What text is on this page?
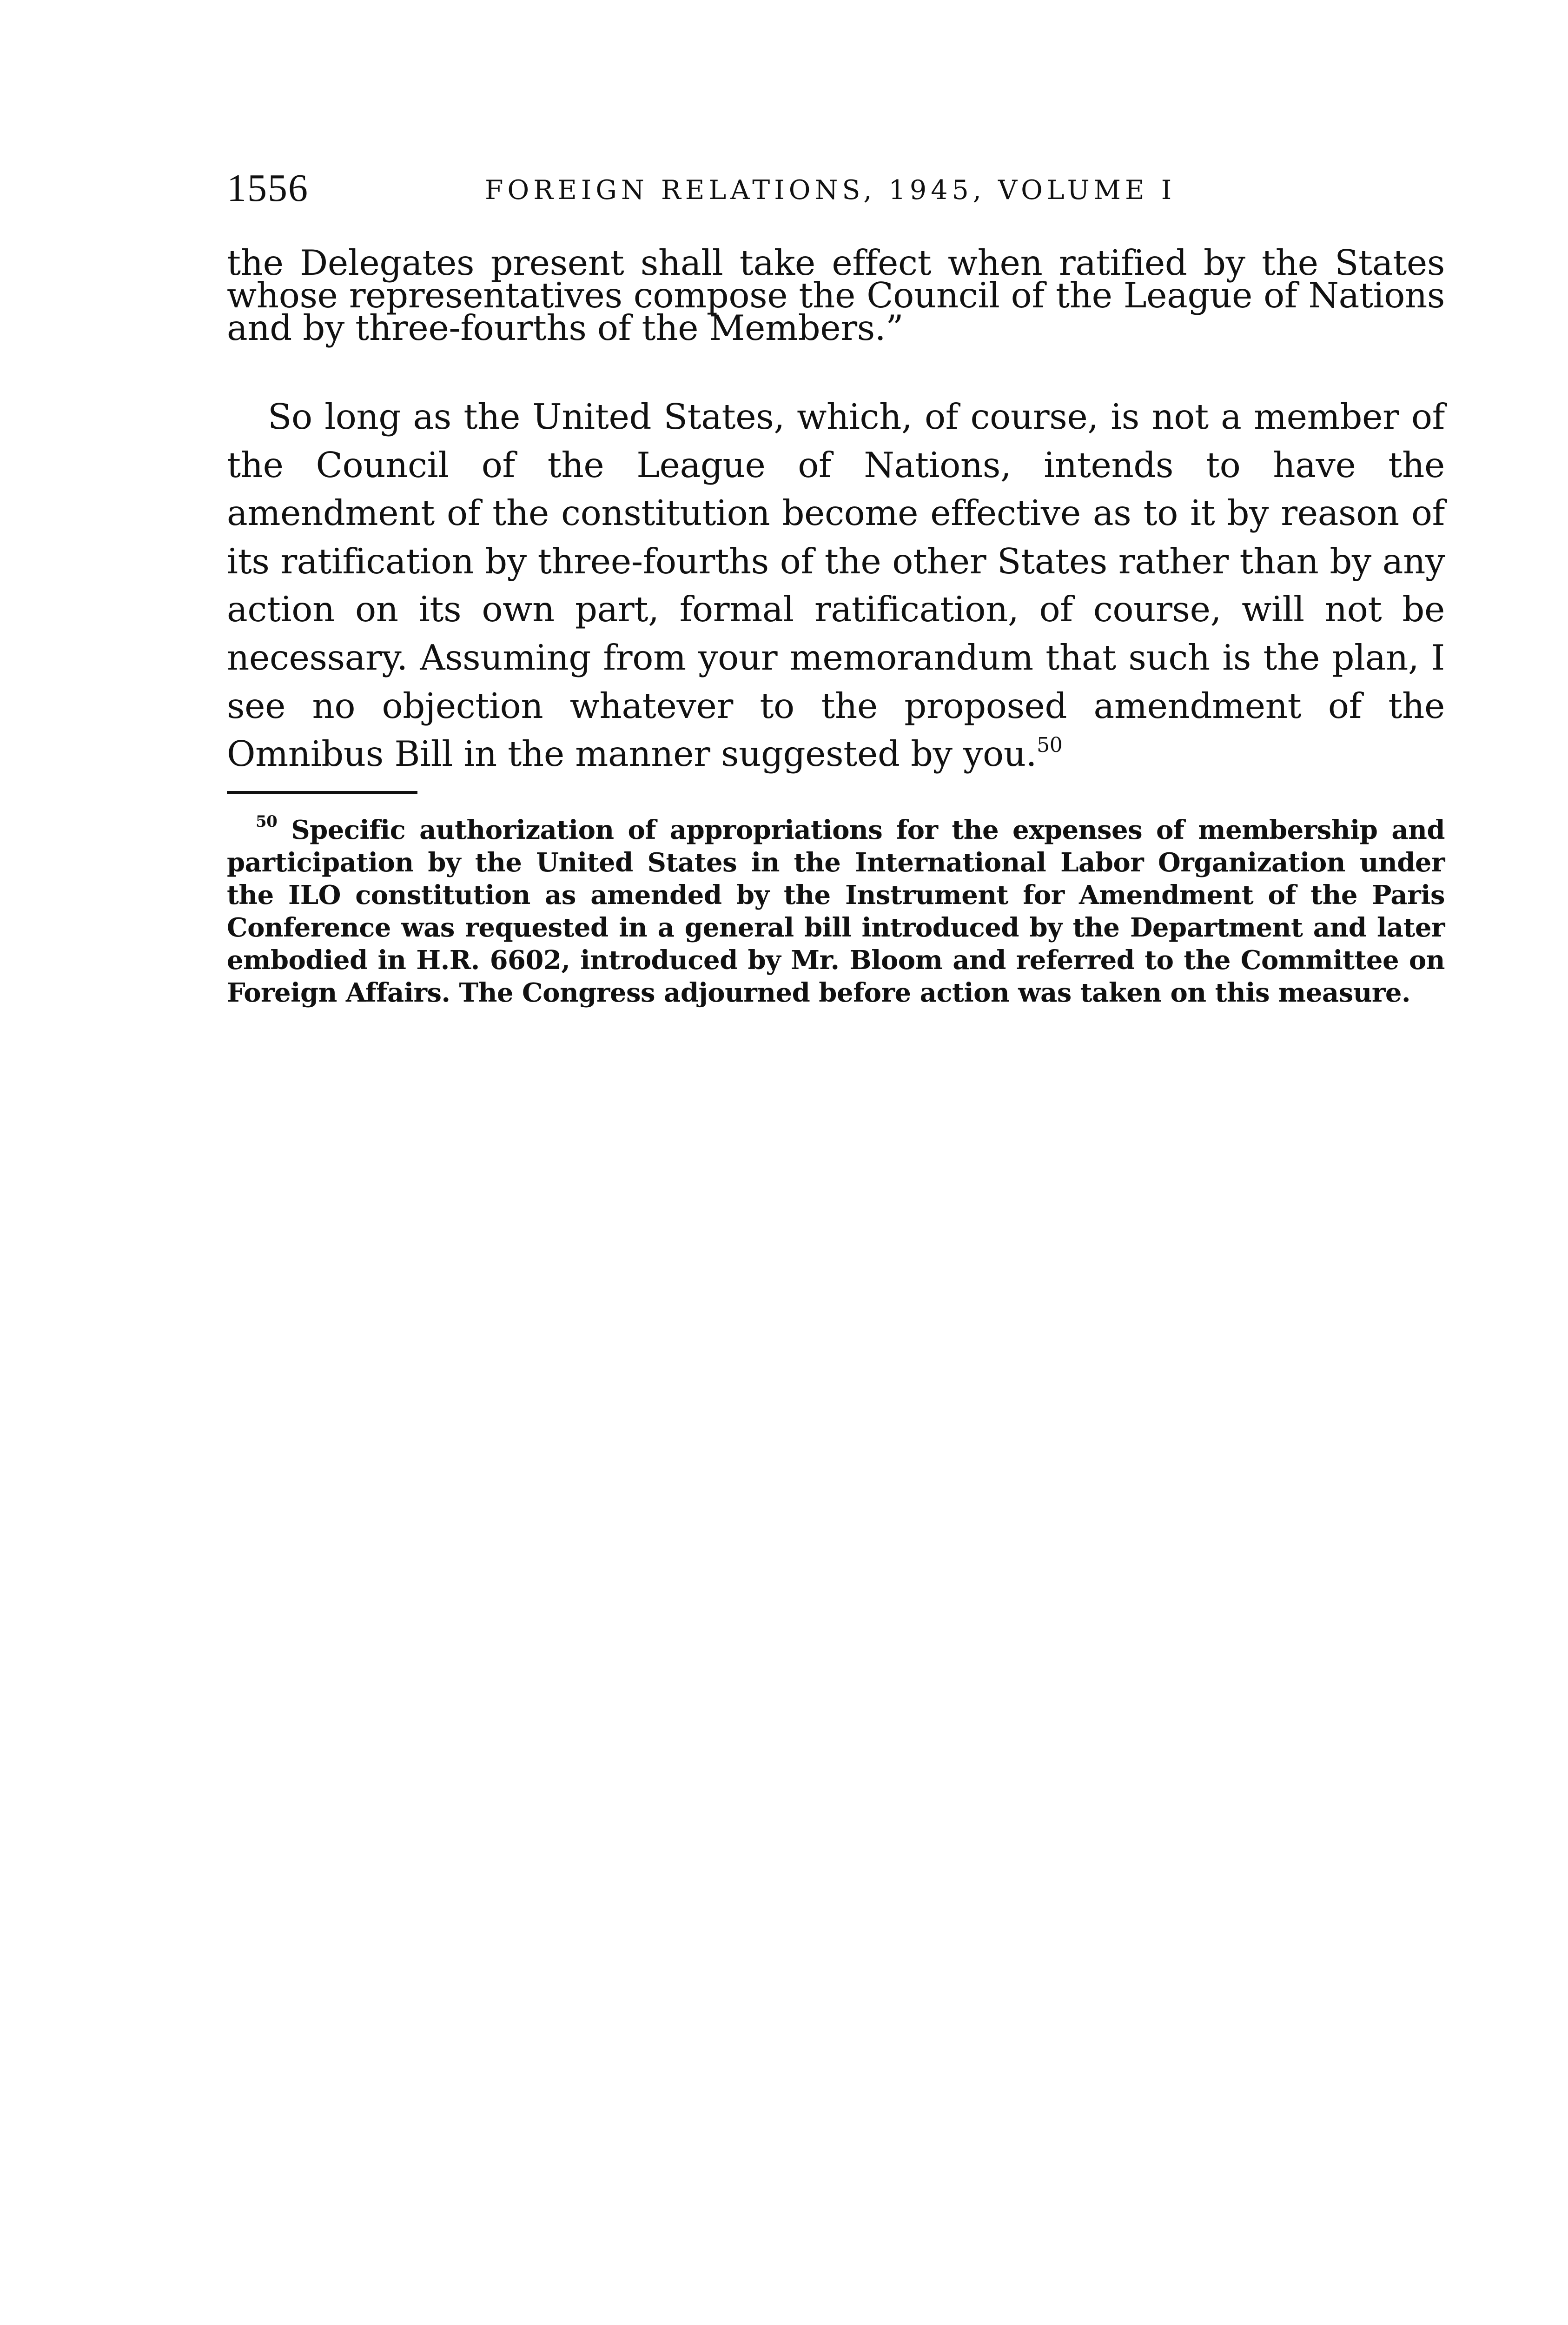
1556	FOREIGN RELATIONS, 1945, VOLUME I

the Delegates present shall take effect when ratified by the States whose representatives compose the Council of the League of Nations and by three-fourths of the Members.”

So long as the United States, which, of course, is not a member of the Council of the League of Nations, intends to have the amendment of the constitution become effective as to it by reason of its ratification by three-fourths of the other States rather than by any action on its own part, formal ratification, of course, will not be necessary. Assuming from your memorandum that such is the plan, I see no objection whatever to the proposed amendment of the Omnibus Bill in the manner suggested by you.$^{50}$

$^{50}$ Specific authorization of appropriations for the expenses of membership and participation by the United States in the International Labor Organization under the ILO constitution as amended by the Instrument for Amendment of the Paris Conference was requested in a general bill introduced by the Department and later embodied in H.R. 6602, introduced by Mr. Bloom and referred to the Committee on Foreign Affairs. The Congress adjourned before action was taken on this measure.
